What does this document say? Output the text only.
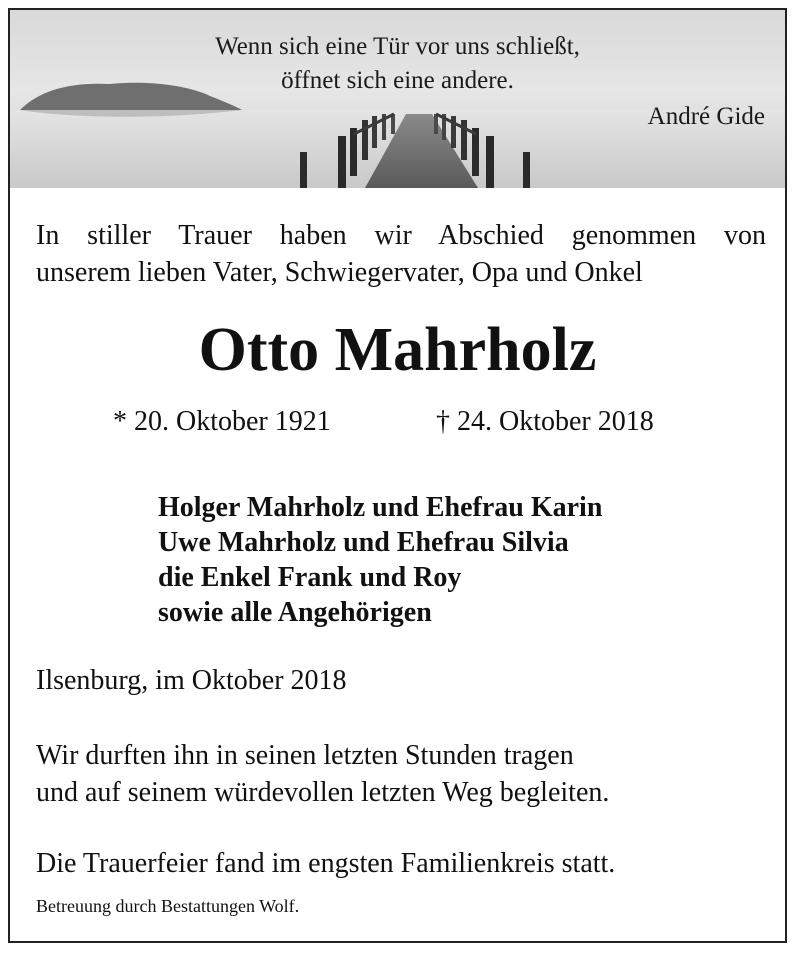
Wenn sich eine Tür vor uns schließt,
öffnet sich eine andere.
André Gide
In stiller Trauer haben wir Abschied genommen von
unserem lieben Vater, Schwiegervater, Opa und Onkel
Otto Mahrholz
* 20. Oktober 1921	† 24. Oktober 2018
Holger Mahrholz und Ehefrau Karin
Uwe Mahrholz und Ehefrau Silvia
die Enkel Frank und Roy
sowie alle Angehörigen
Ilsenburg, im Oktober 2018
Wir durften ihn in seinen letzten Stunden tragen
und auf seinem würdevollen letzten Weg begleiten.
Die Trauerfeier fand im engsten Familienkreis statt.
Betreuung durch Bestattungen Wolf.
